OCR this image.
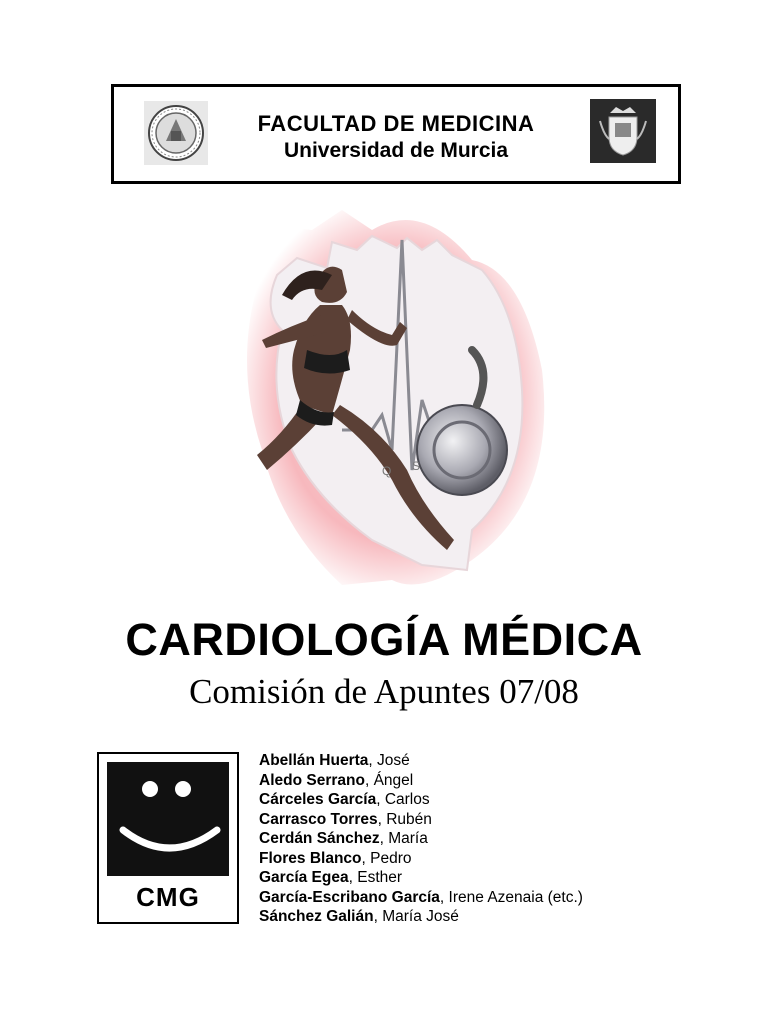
FACULTAD DE MEDICINA
Universidad de Murcia
S
Q
CARDIOLOGÍA MÉDICA
Comisión de Apuntes 07/08
CMG
Abellán Huerta, José
Aledo Serrano, Ángel
Cárceles García, Carlos
Carrasco Torres, Rubén
Cerdán Sánchez, María
Flores Blanco, Pedro
García Egea, Esther
García-Escribano García, Irene Azenaia (etc.)
Sánchez Galián, María José
